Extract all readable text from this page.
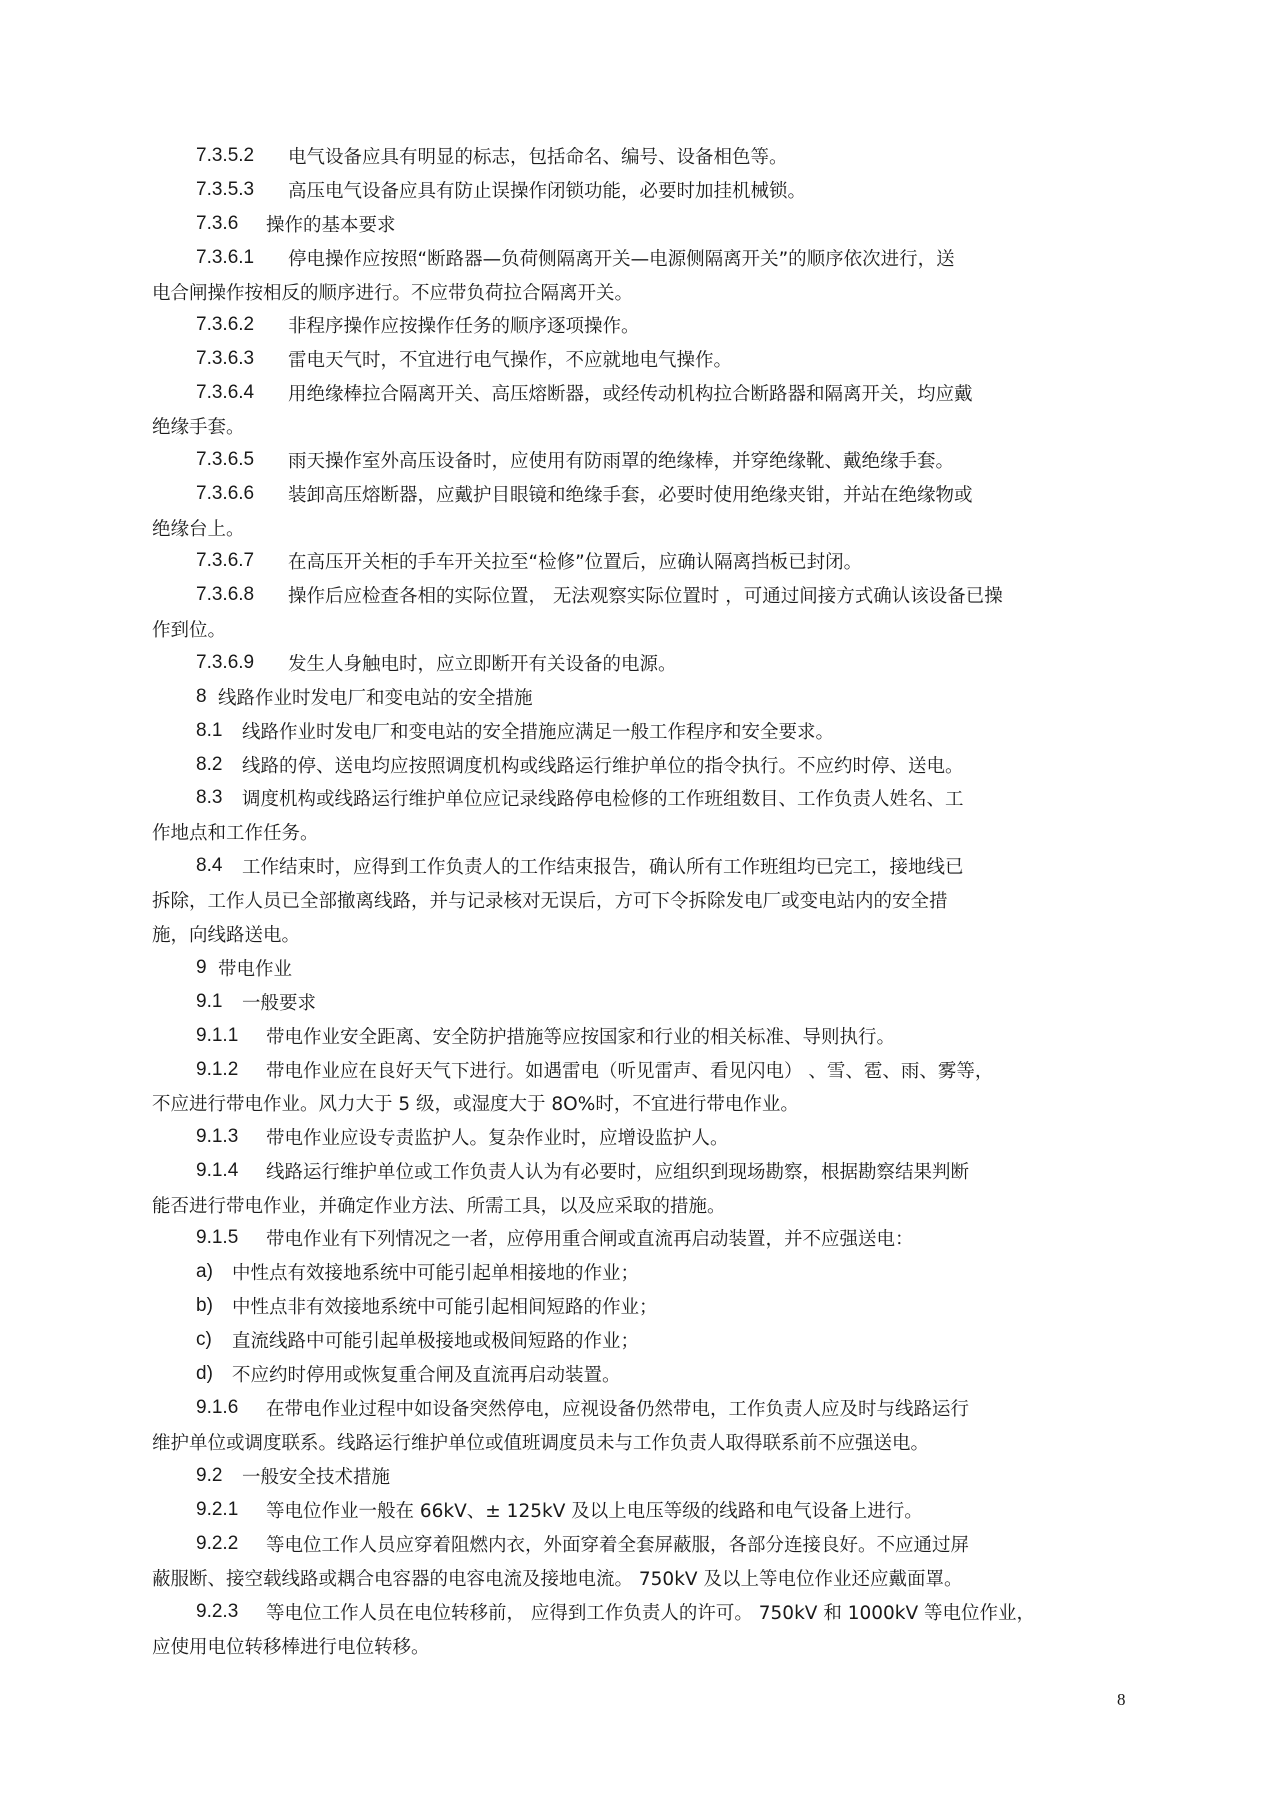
7.3.5.2 电气设备应具有明显的标志，包括命名、编号、设备相色等。
7.3.5.3 高压电气设备应具有防止误操作闭锁功能，必要时加挂机械锁。
7.3.6 操作的基本要求
7.3.6.1 停电操作应按照“断路器—负荷侧隔离开关—电源侧隔离开关”的顺序依次进行，送
电合闸操作按相反的顺序进行。不应带负荷拉合隔离开关。
7.3.6.2 非程序操作应按操作任务的顺序逐项操作。
7.3.6.3 雷电天气时，不宜进行电气操作，不应就地电气操作。
7.3.6.4 用绝缘棒拉合隔离开关、高压熔断器，或经传动机构拉合断路器和隔离开关，均应戴
绝缘手套。
7.3.6.5 雨天操作室外高压设备时，应使用有防雨罩的绝缘棒，并穿绝缘靴、戴绝缘手套。
7.3.6.6 装卸高压熔断器，应戴护目眼镜和绝缘手套，必要时使用绝缘夹钳，并站在绝缘物或
绝缘台上。
7.3.6.7 在高压开关柜的手车开关拉至“检修”位置后，应确认隔离挡板已封闭。
7.3.6.8 操作后应检查各相的实际位置， 无法观察实际位置时 ，可通过间接方式确认该设备已操
作到位。
7.3.6.9 发生人身触电时，应立即断开有关设备的电源。
8 线路作业时发电厂和变电站的安全措施
8.1 线路作业时发电厂和变电站的安全措施应满足一般工作程序和安全要求。
8.2 线路的停、送电均应按照调度机构或线路运行维护单位的指令执行。不应约时停、送电。
8.3 调度机构或线路运行维护单位应记录线路停电检修的工作班组数目、工作负责人姓名、工
作地点和工作任务。
8.4 工作结束时，应得到工作负责人的工作结束报告，确认所有工作班组均已完工，接地线已
拆除，工作人员已全部撤离线路，并与记录核对无误后，方可下令拆除发电厂或变电站内的安全措
施，向线路送电。
9 带电作业
9.1 一般要求
9.1.1 带电作业安全距离、安全防护措施等应按国家和行业的相关标准、导则执行。
9.1.2 带电作业应在良好天气下进行。如遇雷电（听见雷声、看见闪电） 、雪、雹、雨、雾等，
不应进行带电作业。风力大于 5 级，或湿度大于 8O%时，不宜进行带电作业。
9.1.3 带电作业应设专责监护人。复杂作业时，应增设监护人。
9.1.4 线路运行维护单位或工作负责人认为有必要时，应组织到现场勘察，根据勘察结果判断
能否进行带电作业，并确定作业方法、所需工具，以及应采取的措施。
9.1.5 带电作业有下列情况之一者，应停用重合闸或直流再启动装置，并不应强送电：
a) 中性点有效接地系统中可能引起单相接地的作业；
b) 中性点非有效接地系统中可能引起相间短路的作业；
c) 直流线路中可能引起单极接地或极间短路的作业；
d) 不应约时停用或恢复重合闸及直流再启动装置。
9.1.6 在带电作业过程中如设备突然停电，应视设备仍然带电，工作负责人应及时与线路运行
维护单位或调度联系。线路运行维护单位或值班调度员未与工作负责人取得联系前不应强送电。
9.2 一般安全技术措施
9.2.1 等电位作业一般在 66kV、± 125kV 及以上电压等级的线路和电气设备上进行。
9.2.2 等电位工作人员应穿着阻燃内衣，外面穿着全套屏蔽服，各部分连接良好。不应通过屏
蔽服断、接空载线路或耦合电容器的电容电流及接地电流。 750kV 及以上等电位作业还应戴面罩。
9.2.3 等电位工作人员在电位转移前， 应得到工作负责人的许可。 750kV 和 1000kV 等电位作业，
应使用电位转移棒进行电位转移。
8
